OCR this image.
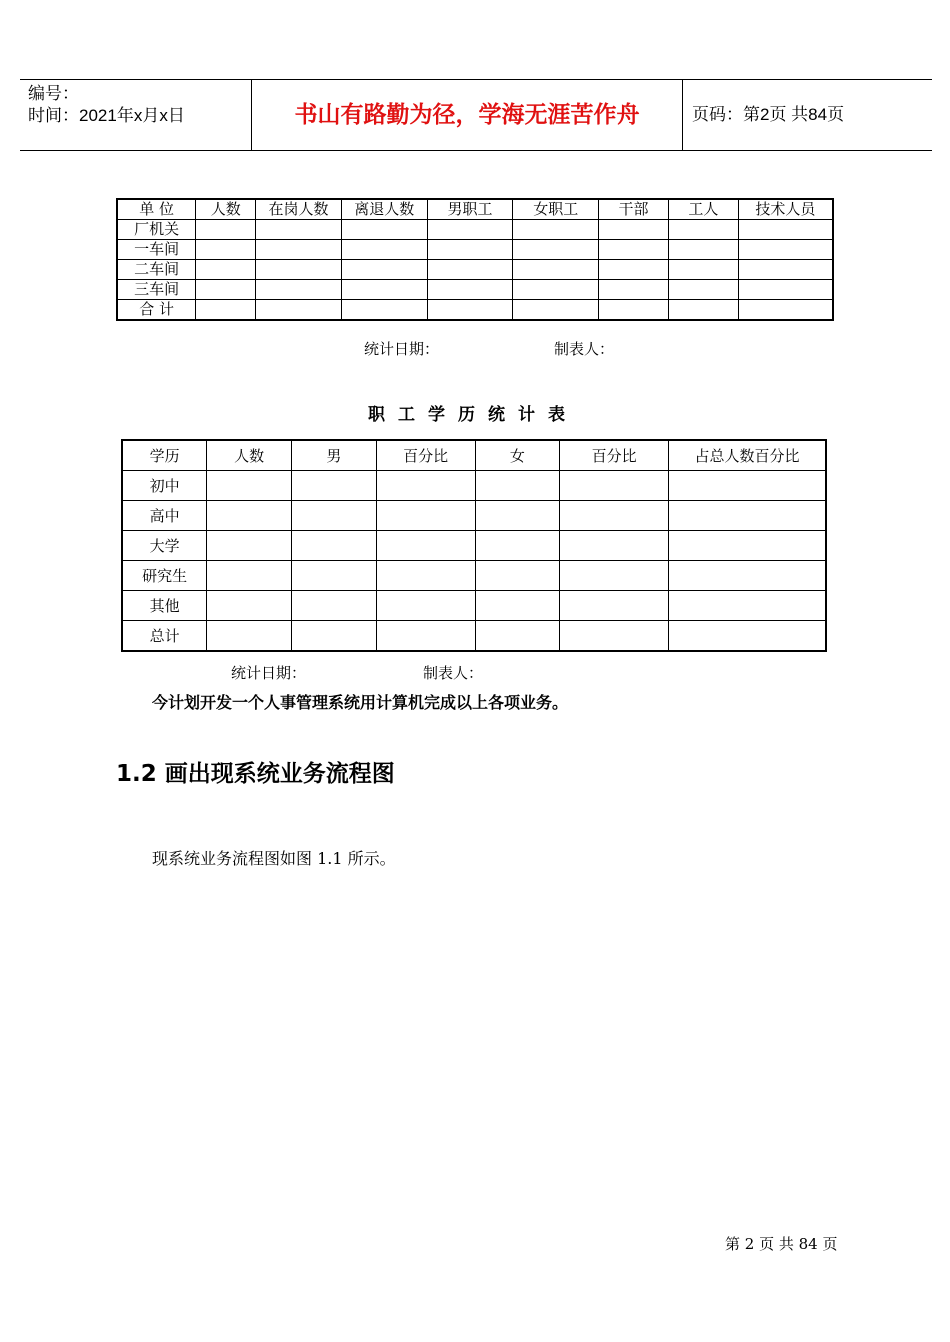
编号：
时间：2021年x月x日	书山有路勤为径，学海无涯苦作舟	页码：第2页 共84页
单 位	人数	在岗人数	离退人数	男职工	女职工	干部	工人	技术人员
厂机关								
一车间								
二车间								
三车间								
合 计								
统计日期：	制表人：
职工学历统计表
学历	人数	男	百分比	女	百分比	占总人数百分比
初中						
高中						
大学						
研究生						
其他						
总计						
统计日期：	制表人：
今计划开发一个人事管理系统用计算机完成以上各项业务。
1.2 画出现系统业务流程图
现系统业务流程图如图 1.1 所示。
第 2 页 共 84 页
